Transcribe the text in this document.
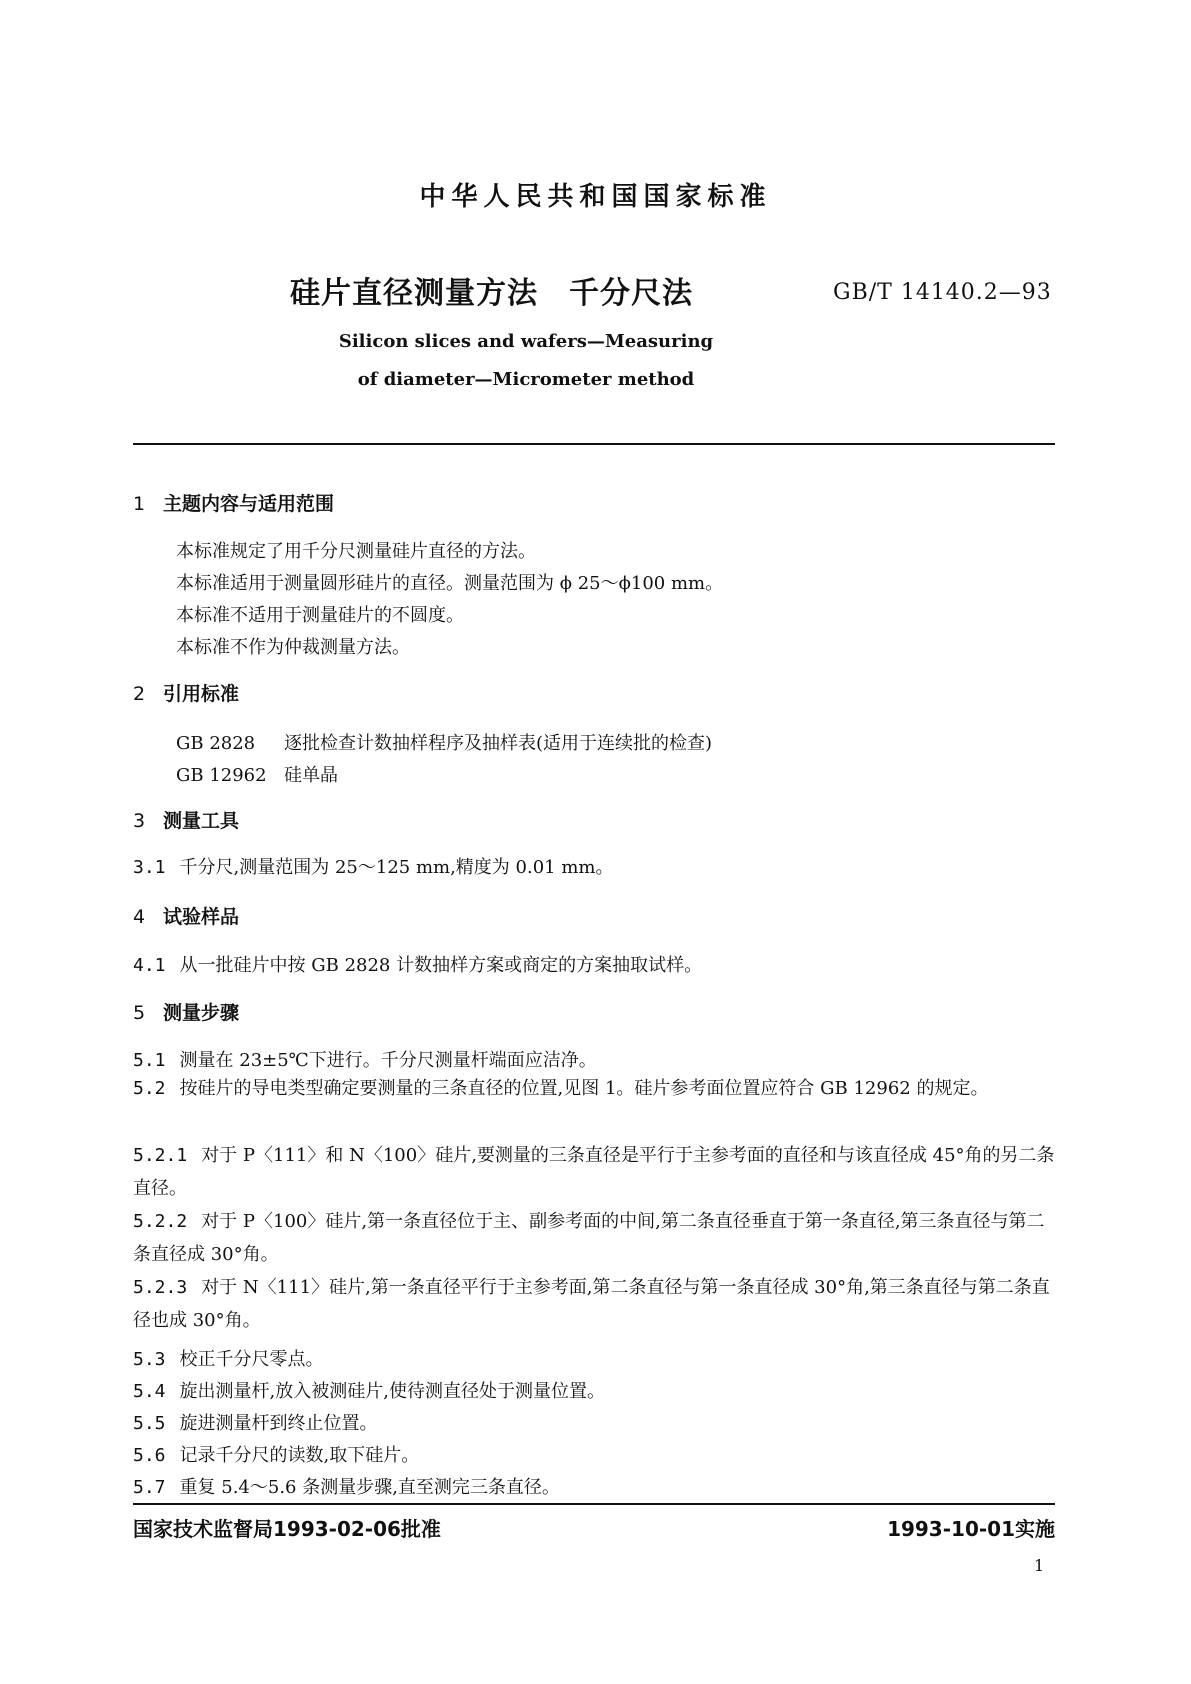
中华人民共和国国家标准
硅片直径测量方法　千分尺法	GB/T 14140.2—93
Silicon slices and wafers—Measuring
of diameter—Micrometer method
1 主题内容与适用范围
本标准规定了用千分尺测量硅片直径的方法。
本标准适用于测量圆形硅片的直径。测量范围为 ϕ 25～ϕ100 mm。
本标准不适用于测量硅片的不圆度。
本标准不作为仲裁测量方法。
2 引用标准
GB 2828 逐批检查计数抽样程序及抽样表(适用于连续批的检查)
GB 12962 硅单晶
3 测量工具
3.1 千分尺,测量范围为 25～125 mm,精度为 0.01 mm。
4 试验样品
4.1 从一批硅片中按 GB 2828 计数抽样方案或商定的方案抽取试样。
5 测量步骤
5.1 测量在 23±5℃下进行。千分尺测量杆端面应洁净。
5.2 按硅片的导电类型确定要测量的三条直径的位置,见图 1。硅片参考面位置应符合 GB 12962 的规定。
5.2.1 对于 P〈111〉和 N〈100〉硅片,要测量的三条直径是平行于主参考面的直径和与该直径成 45°角的另二条直径。
5.2.2 对于 P〈100〉硅片,第一条直径位于主、副参考面的中间,第二条直径垂直于第一条直径,第三条直径与第二条直径成 30°角。
5.2.3 对于 N〈111〉硅片,第一条直径平行于主参考面,第二条直径与第一条直径成 30°角,第三条直径与第二条直径也成 30°角。
5.3 校正千分尺零点。
5.4 旋出测量杆,放入被测硅片,使待测直径处于测量位置。
5.5 旋进测量杆到终止位置。
5.6 记录千分尺的读数,取下硅片。
5.7 重复 5.4～5.6 条测量步骤,直至测完三条直径。
国家技术监督局1993-02-06批准	1993-10-01实施
1
